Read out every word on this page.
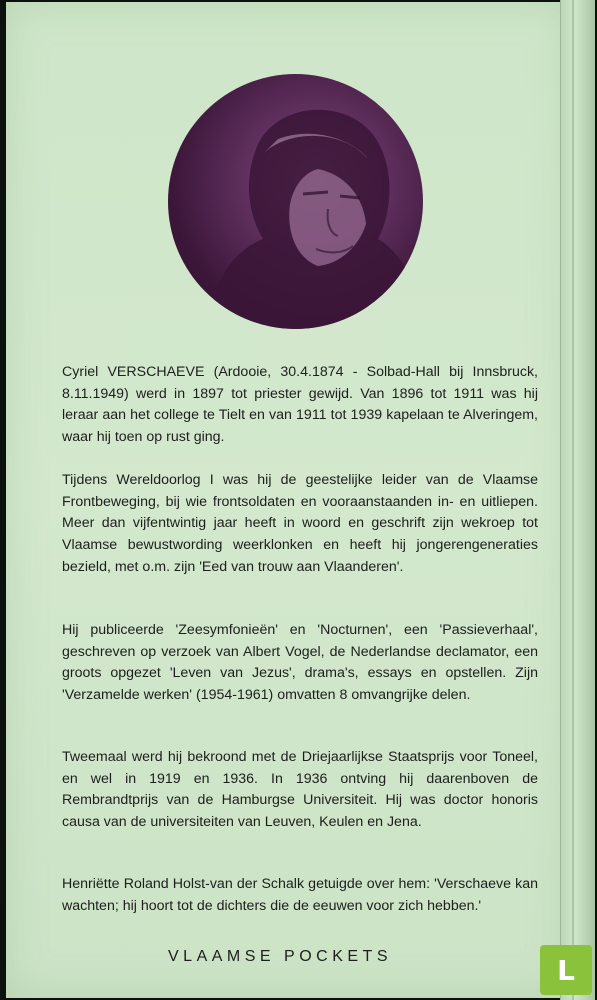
Cyriel VERSCHAEVE (Ardooie, 30.4.1874 - Solbad-Hall bij Innsbruck, 8.11.1949) werd in 1897 tot priester gewijd. Van 1896 tot 1911 was hij leraar aan het college te Tielt en van 1911 tot 1939 kapelaan te Alveringem, waar hij toen op rust ging.

Tijdens Wereldoorlog I was hij de geestelijke leider van de Vlaamse Frontbeweging, bij wie frontsoldaten en vooraanstaanden in- en uitliepen. Meer dan vijfentwintig jaar heeft in woord en geschrift zijn wekroep tot Vlaamse bewustwording weerklonken en heeft hij jongerengeneraties bezield, met o.m. zijn 'Eed van trouw aan Vlaanderen'.

Hij publiceerde 'Zeesymfonieën' en 'Nocturnen', een 'Passieverhaal', geschreven op verzoek van Albert Vogel, de Nederlandse declamator, een groots opgezet 'Leven van Jezus', drama's, essays en opstellen. Zijn 'Verzamelde werken' (1954-1961) omvatten 8 omvangrijke delen.

Tweemaal werd hij bekroond met de Driejaarlijkse Staatsprijs voor Toneel, en wel in 1919 en 1936. In 1936 ontving hij daarenboven de Rembrandtprijs van de Hamburgse Universiteit. Hij was doctor honoris causa van de universiteiten van Leuven, Keulen en Jena.

Henriëtte Roland Holst-van der Schalk getuigde over hem: 'Verschaeve kan wachten; hij hoort tot de dichters die de eeuwen voor zich hebben.'

VLAAMSE POCKETS	L
